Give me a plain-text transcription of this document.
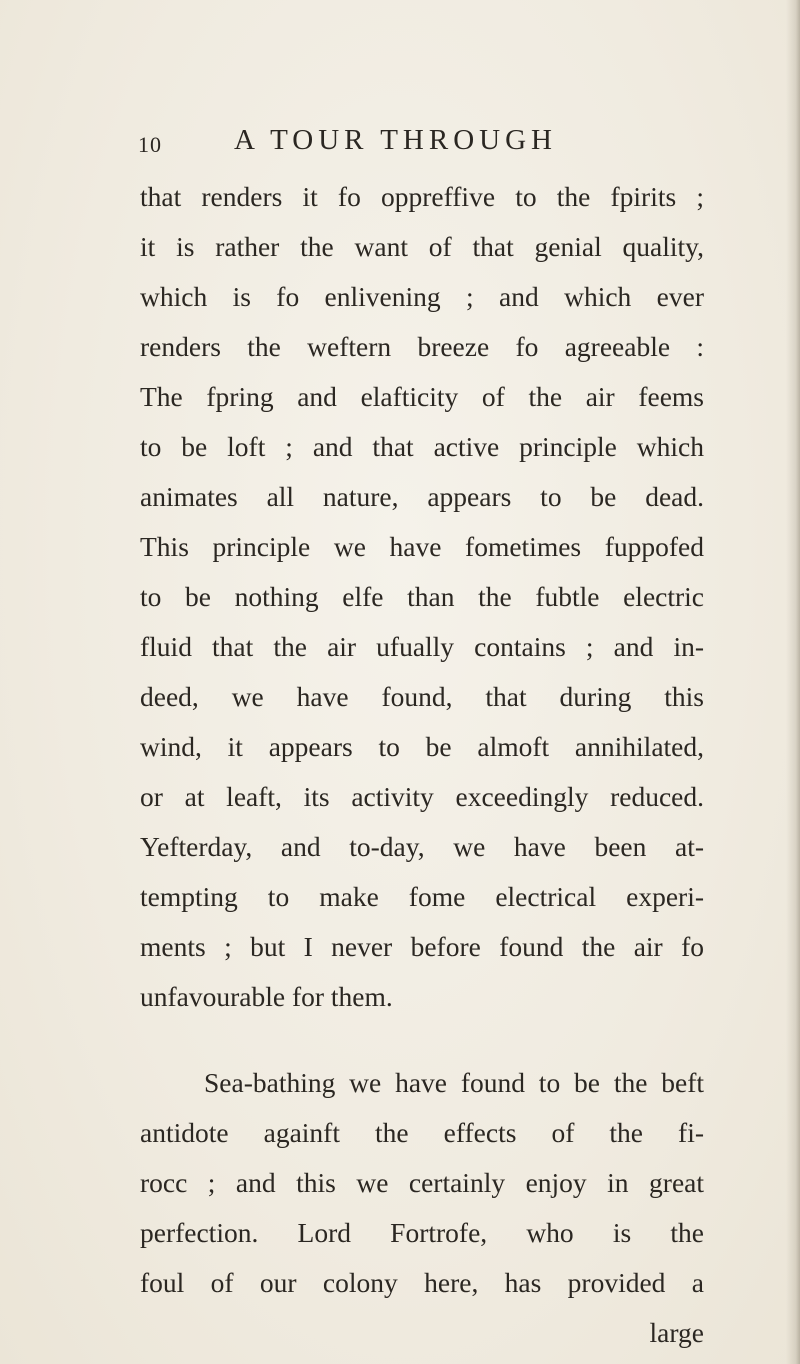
10 A TOUR THROUGH
that renders it fo oppreffive to the fpirits ;
it is rather the want of that genial quality,
which is fo enlivening ; and which ever
renders the weftern breeze fo agreeable :
The fpring and elafticity of the air feems
to be loft ; and that active principle which
animates all nature, appears to be dead.
This principle we have fometimes fuppofed
to be nothing elfe than the fubtle electric
fluid that the air ufually contains ; and in-
deed, we have found, that during this
wind, it appears to be almoft annihilated,
or at leaft, its activity exceedingly reduced.
Yefterday, and to-day, we have been at-
tempting to make fome electrical experi-
ments ; but I never before found the air fo
unfavourable for them.
Sea-bathing we have found to be the beft
antidote againft the effects of the fi-
rocc ; and this we certainly enjoy in great
perfection. Lord Fortrofe, who is the
foul of our colony here, has provided a
large
